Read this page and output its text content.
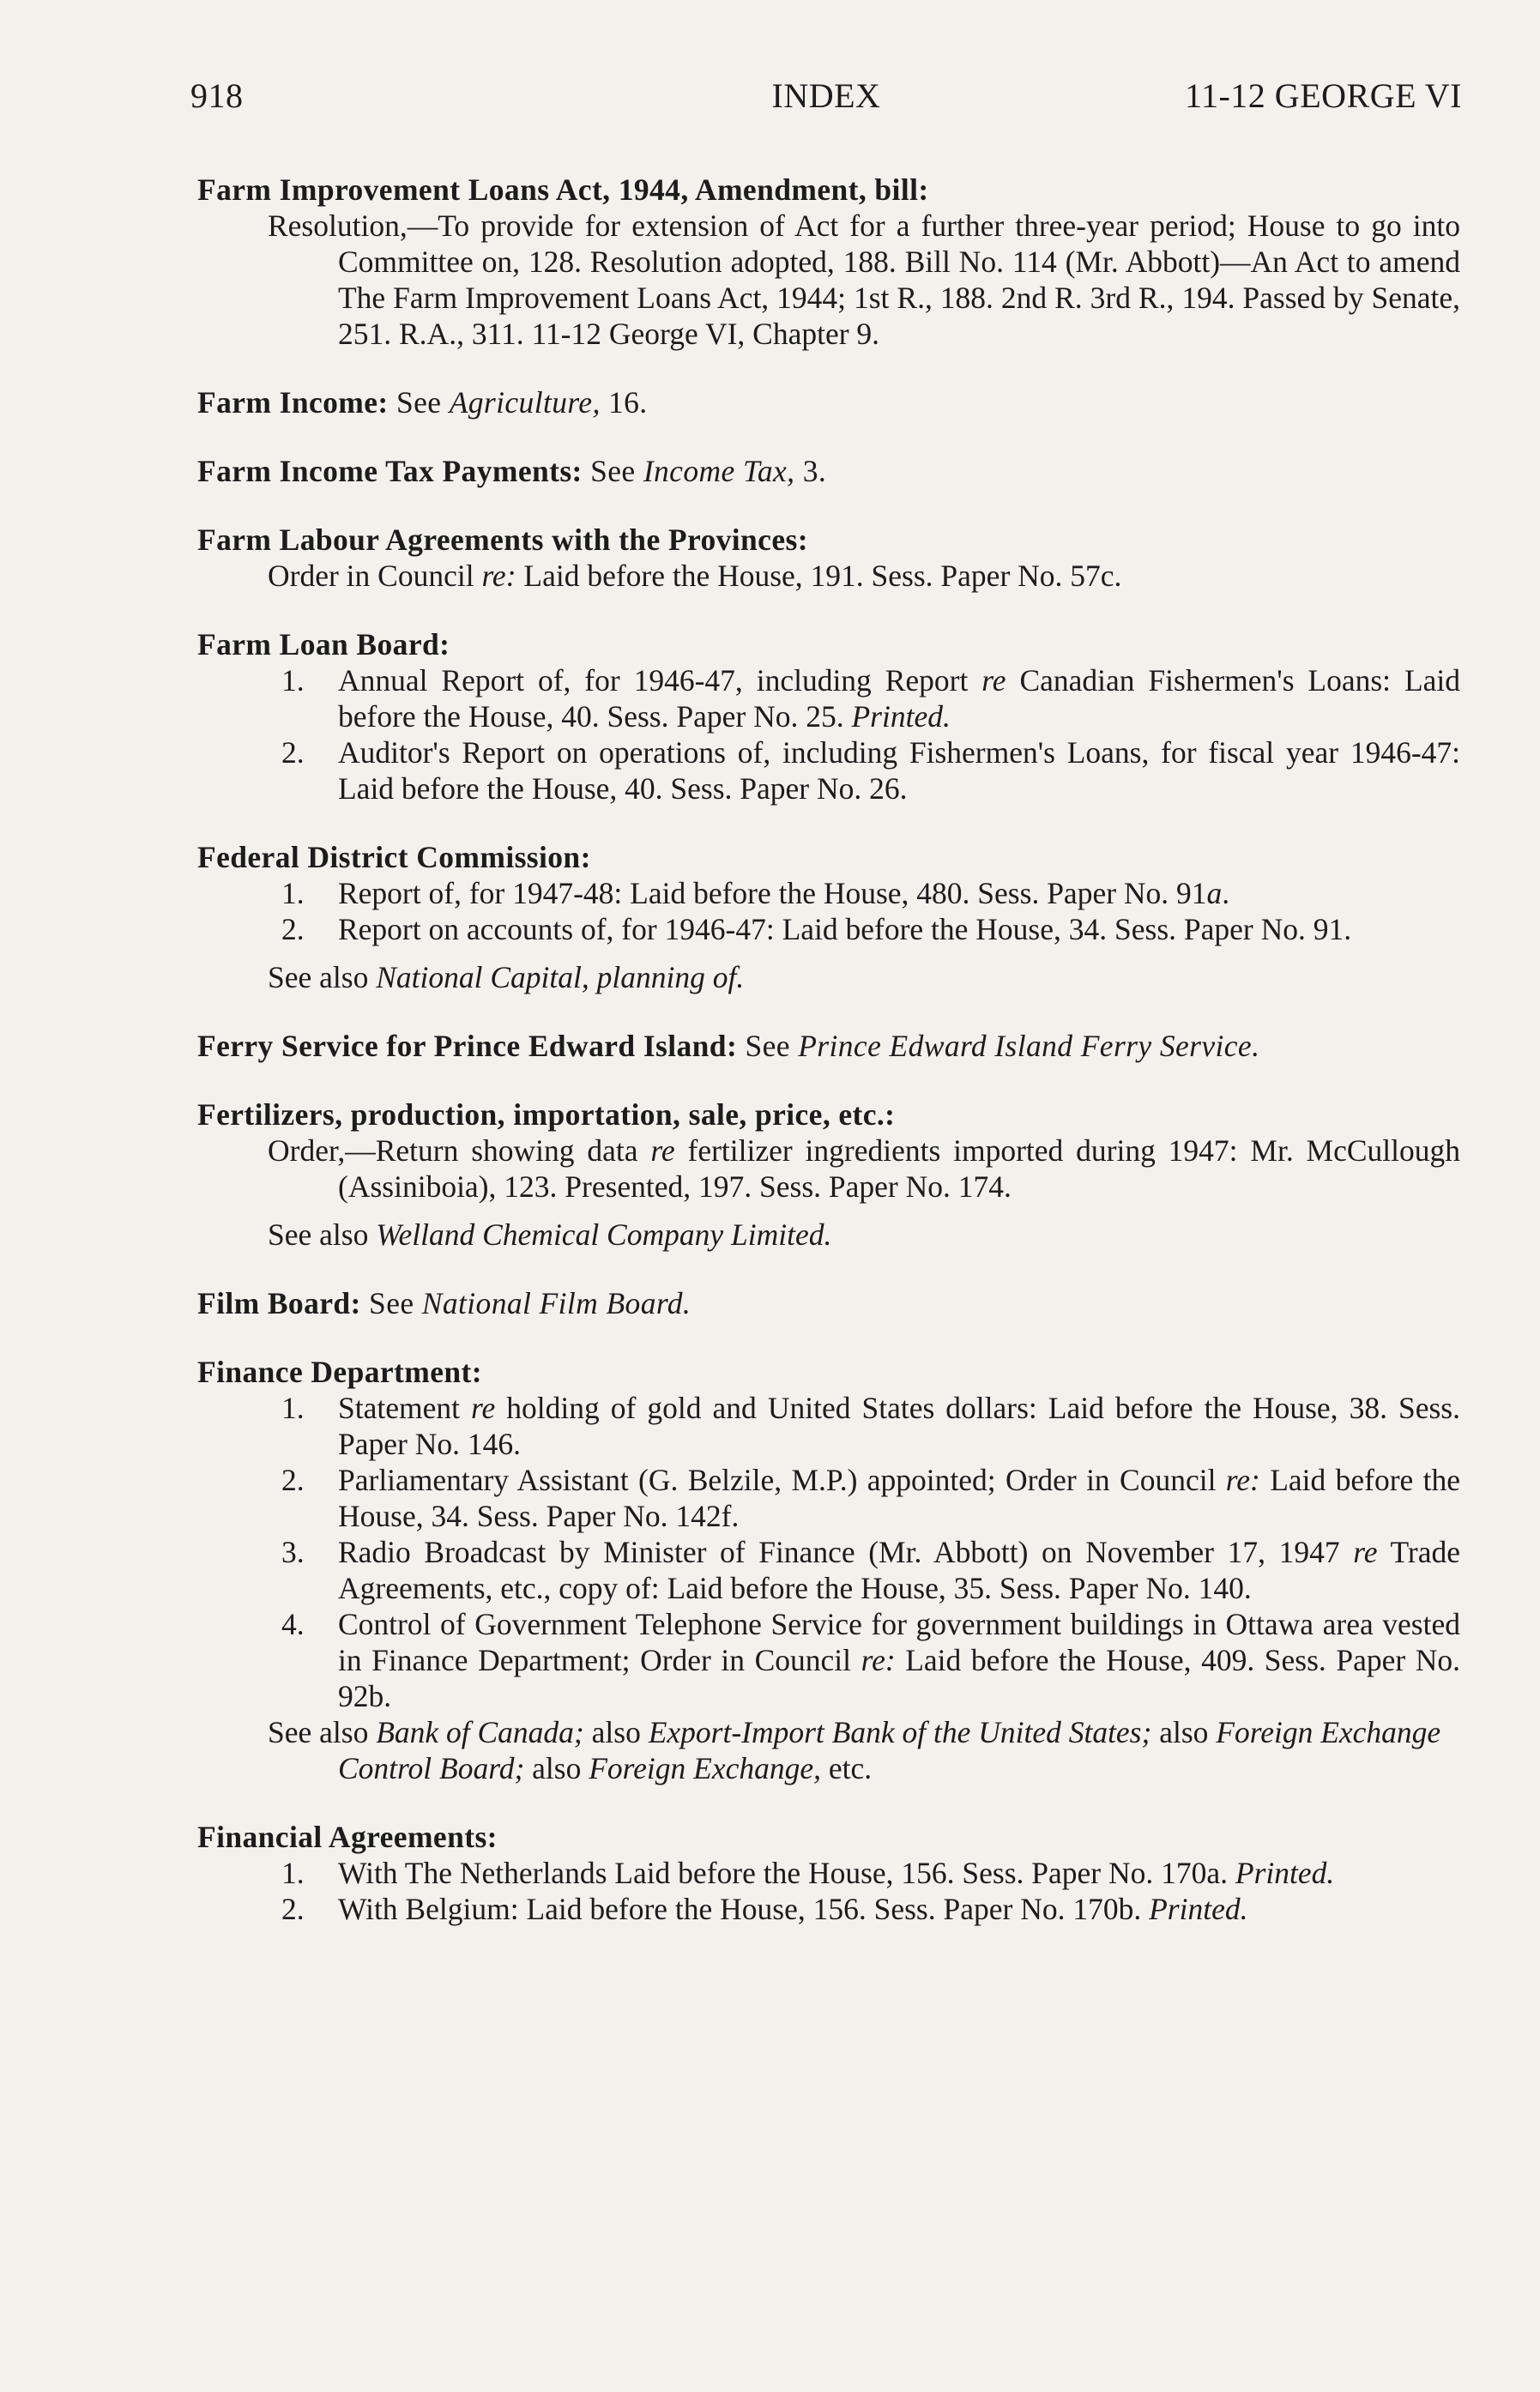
918	INDEX	11-12 GEORGE VI
Farm Improvement Loans Act, 1944, Amendment, bill:
Resolution,—To provide for extension of Act for a further three-year period; House to go into Committee on, 128. Resolution adopted, 188. Bill No. 114 (Mr. Abbott)—An Act to amend The Farm Improvement Loans Act, 1944; 1st R., 188. 2nd R. 3rd R., 194. Passed by Senate, 251. R.A., 311. 11-12 George VI, Chapter 9.
Farm Income: See Agriculture, 16.
Farm Income Tax Payments: See Income Tax, 3.
Farm Labour Agreements with the Provinces:
Order in Council re: Laid before the House, 191. Sess. Paper No. 57c.
Farm Loan Board:
1. Annual Report of, for 1946-47, including Report re Canadian Fishermen's Loans: Laid before the House, 40. Sess. Paper No. 25. Printed.
2. Auditor's Report on operations of, including Fishermen's Loans, for fiscal year 1946-47: Laid before the House, 40. Sess. Paper No. 26.
Federal District Commission:
1. Report of, for 1947-48: Laid before the House, 480. Sess. Paper No. 91a.
2. Report on accounts of, for 1946-47: Laid before the House, 34. Sess. Paper No. 91.
See also National Capital, planning of.
Ferry Service for Prince Edward Island: See Prince Edward Island Ferry Service.
Fertilizers, production, importation, sale, price, etc.:
Order,—Return showing data re fertilizer ingredients imported during 1947: Mr. McCullough (Assiniboia), 123. Presented, 197. Sess. Paper No. 174.
See also Welland Chemical Company Limited.
Film Board: See National Film Board.
Finance Department:
1. Statement re holding of gold and United States dollars: Laid before the House, 38. Sess. Paper No. 146.
2. Parliamentary Assistant (G. Belzile, M.P.) appointed; Order in Council re: Laid before the House, 34. Sess. Paper No. 142f.
3. Radio Broadcast by Minister of Finance (Mr. Abbott) on November 17, 1947 re Trade Agreements, etc., copy of: Laid before the House, 35. Sess. Paper No. 140.
4. Control of Government Telephone Service for government buildings in Ottawa area vested in Finance Department; Order in Council re: Laid before the House, 409. Sess. Paper No. 92b.
See also Bank of Canada; also Export-Import Bank of the United States; also Foreign Exchange Control Board; also Foreign Exchange, etc.
Financial Agreements:
1. With The Netherlands Laid before the House, 156. Sess. Paper No. 170a. Printed.
2. With Belgium: Laid before the House, 156. Sess. Paper No. 170b. Printed.
